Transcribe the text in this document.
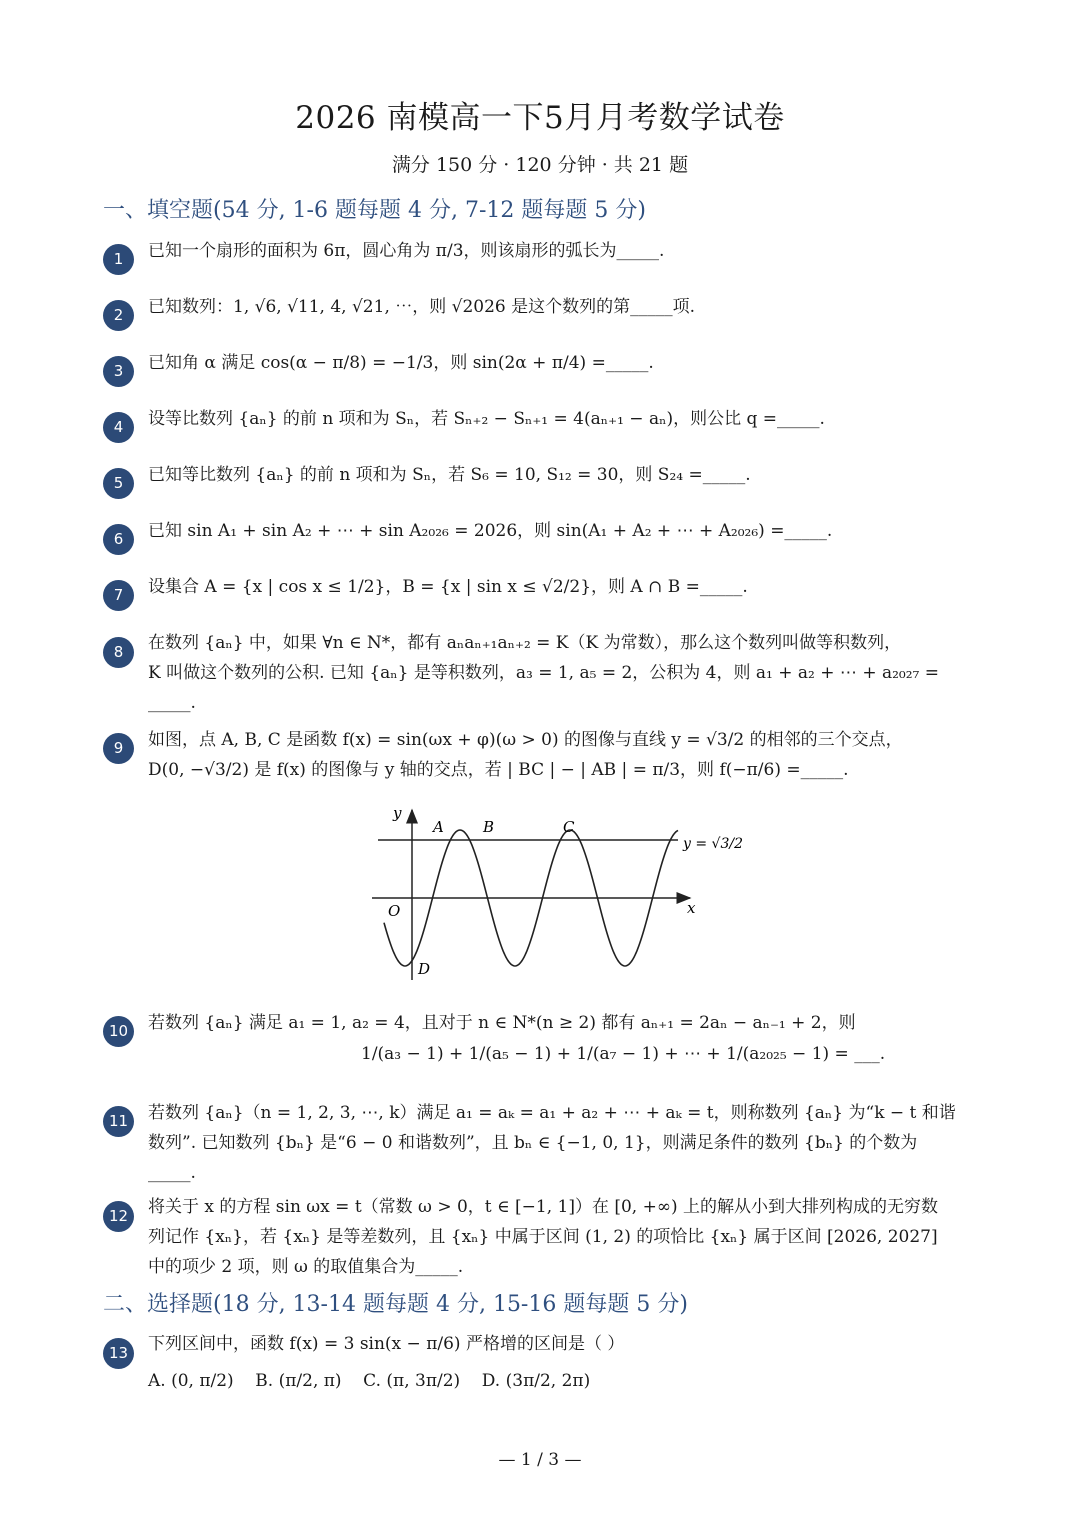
2026 南模高一下5月月考数学试卷
满分 150 分 · 120 分钟 · 共 21 题
一、填空题(54 分, 1-6 题每题 4 分, 7-12 题每题 5 分)
1	已知一个扇形的面积为 6π，圆心角为 π/3，则该扇形的弧长为_____.
2	已知数列：1, √6, √11, 4, √21, ⋯，则 √2026 是这个数列的第_____项.
3	已知角 α 满足 cos(α − π/8) = −1/3，则 sin(2α + π/4) =_____.
4	设等比数列 {aₙ} 的前 n 项和为 Sₙ，若 Sₙ₊₂ − Sₙ₊₁ = 4(aₙ₊₁ − aₙ)，则公比 q =_____.
5	已知等比数列 {aₙ} 的前 n 项和为 Sₙ，若 S₆ = 10, S₁₂ = 30，则 S₂₄ =_____.
6	已知 sin A₁ + sin A₂ + ⋯ + sin A₂₀₂₆ = 2026，则 sin(A₁ + A₂ + ⋯ + A₂₀₂₆) =_____.
7	设集合 A = {x | cos x ≤ 1/2}，B = {x | sin x ≤ √2/2}，则 A ∩ B =_____.
8	在数列 {aₙ} 中，如果 ∀n ∈ N*，都有 aₙaₙ₊₁aₙ₊₂ = K（K 为常数），那么这个数列叫做等积数列，
K 叫做这个数列的公积. 已知 {aₙ} 是等积数列，a₃ = 1, a₅ = 2，公积为 4，则 a₁ + a₂ + ⋯ + a₂₀₂₇ =
_____.
9	如图，点 A, B, C 是函数 f(x) = sin(ωx + φ)(ω > 0) 的图像与直线 y = √3/2 的相邻的三个交点，
D(0, −√3/2) 是 f(x) 的图像与 y 轴的交点，若 | BC | − | AB | = π/3，则 f(−π/6) =_____.
y
x
O
A	B	C
D
y = √3/2
10	若数列 {aₙ} 满足 a₁ = 1, a₂ = 4，且对于 n ∈ N*(n ≥ 2) 都有 aₙ₊₁ = 2aₙ − aₙ₋₁ + 2，则
1/(a₃ − 1) + 1/(a₅ − 1) + 1/(a₇ − 1) + ⋯ + 1/(a₂₀₂₅ − 1) = ___.
11	若数列 {aₙ}（n = 1, 2, 3, ⋯, k）满足 a₁ = aₖ = a₁ + a₂ + ⋯ + aₖ = t，则称数列 {aₙ} 为“k − t 和谐
数列”. 已知数列 {bₙ} 是“6 − 0 和谐数列”，且 bₙ ∈ {−1, 0, 1}，则满足条件的数列 {bₙ} 的个数为
_____.
12	将关于 x 的方程 sin ωx = t（常数 ω > 0，t ∈ [−1, 1]）在 [0, +∞) 上的解从小到大排列构成的无穷数
列记作 {xₙ}，若 {xₙ} 是等差数列，且 {xₙ} 中属于区间 (1, 2) 的项恰比 {xₙ} 属于区间 [2026, 2027]
中的项少 2 项，则 ω 的取值集合为_____.
二、选择题(18 分, 13-14 题每题 4 分, 15-16 题每题 5 分)
13	下列区间中，函数 f(x) = 3 sin(x − π/6) 严格增的区间是（ ）
A. (0, π/2)    B. (π/2, π)    C. (π, 3π/2)    D. (3π/2, 2π)
— 1 / 3 —
